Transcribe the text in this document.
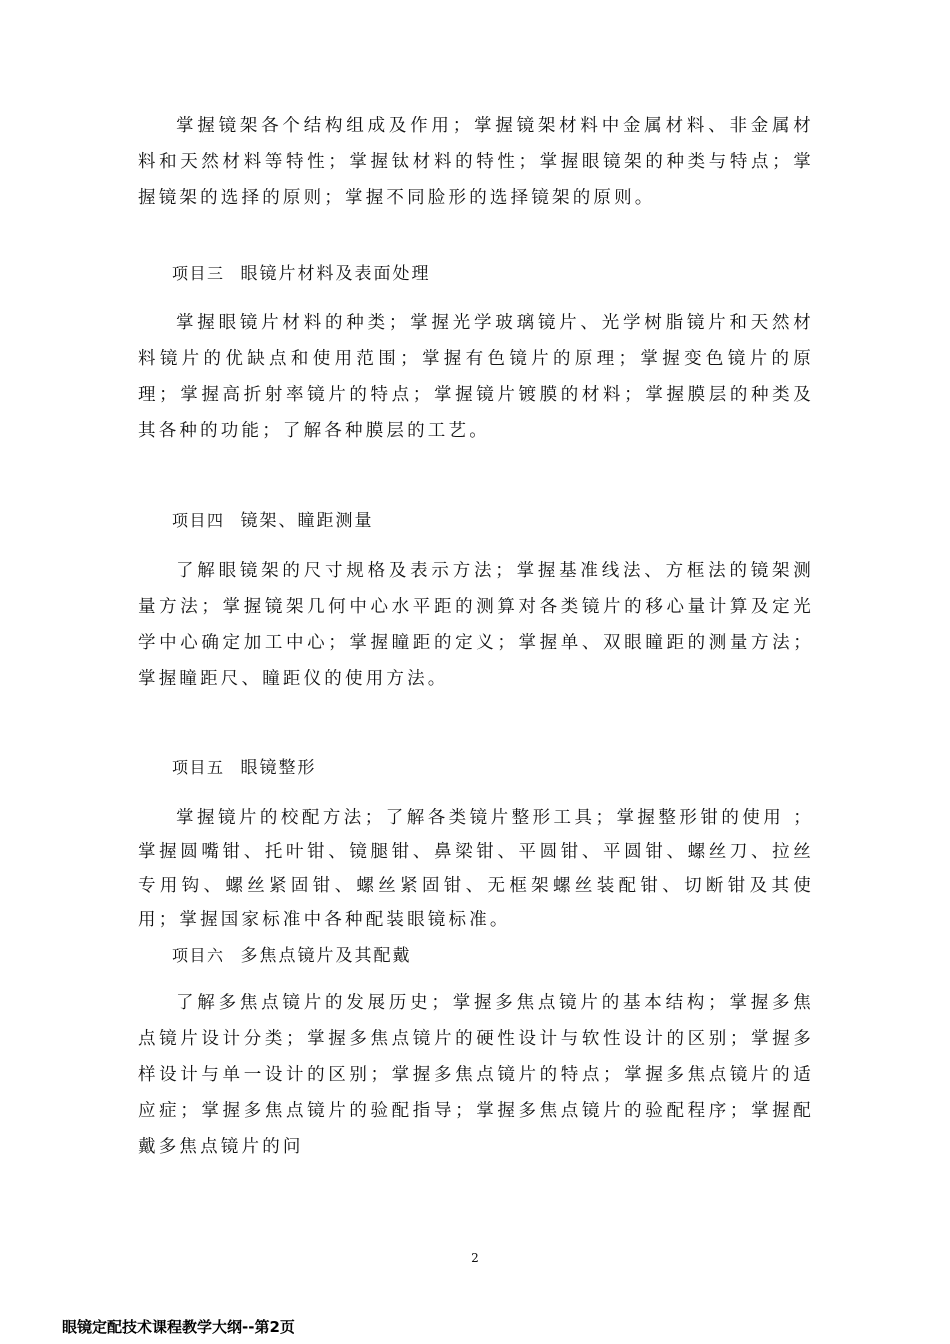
掌握镜架各个结构组成及作用；掌握镜架材料中金属材料、非金属材料和天然材料等特性；掌握钛材料的特性；掌握眼镜架的种类与特点；掌握镜架的选择的原则；掌握不同脸形的选择镜架的原则。

项目三 眼镜片材料及表面处理

掌握眼镜片材料的种类；掌握光学玻璃镜片、光学树脂镜片和天然材料镜片的优缺点和使用范围；掌握有色镜片的原理；掌握变色镜片的原理；掌握高折射率镜片的特点；掌握镜片镀膜的材料；掌握膜层的种类及其各种的功能；了解各种膜层的工艺。

项目四 镜架、瞳距测量

了解眼镜架的尺寸规格及表示方法；掌握基准线法、方框法的镜架测量方法；掌握镜架几何中心水平距的测算对各类镜片的移心量计算及定光学中心确定加工中心；掌握瞳距的定义；掌握单、双眼瞳距的测量方法；掌握瞳距尺、瞳距仪的使用方法。

项目五 眼镜整形

掌握镜片的校配方法；了解各类镜片整形工具；掌握整形钳的使用 ；掌握圆嘴钳、托叶钳、镜腿钳、鼻梁钳、平圆钳、平圆钳、螺丝刀、拉丝专用钩、螺丝紧固钳、螺丝紧固钳、无框架螺丝装配钳、切断钳及其使用；掌握国家标准中各种配装眼镜标准。

项目六 多焦点镜片及其配戴

了解多焦点镜片的发展历史；掌握多焦点镜片的基本结构；掌握多焦点镜片设计分类；掌握多焦点镜片的硬性设计与软性设计的区别；掌握多样设计与单一设计的区别；掌握多焦点镜片的特点；掌握多焦点镜片的适应症；掌握多焦点镜片的验配指导；掌握多焦点镜片的验配程序；掌握配戴多焦点镜片的问

2
眼镜定配技术课程教学大纲--第2页
